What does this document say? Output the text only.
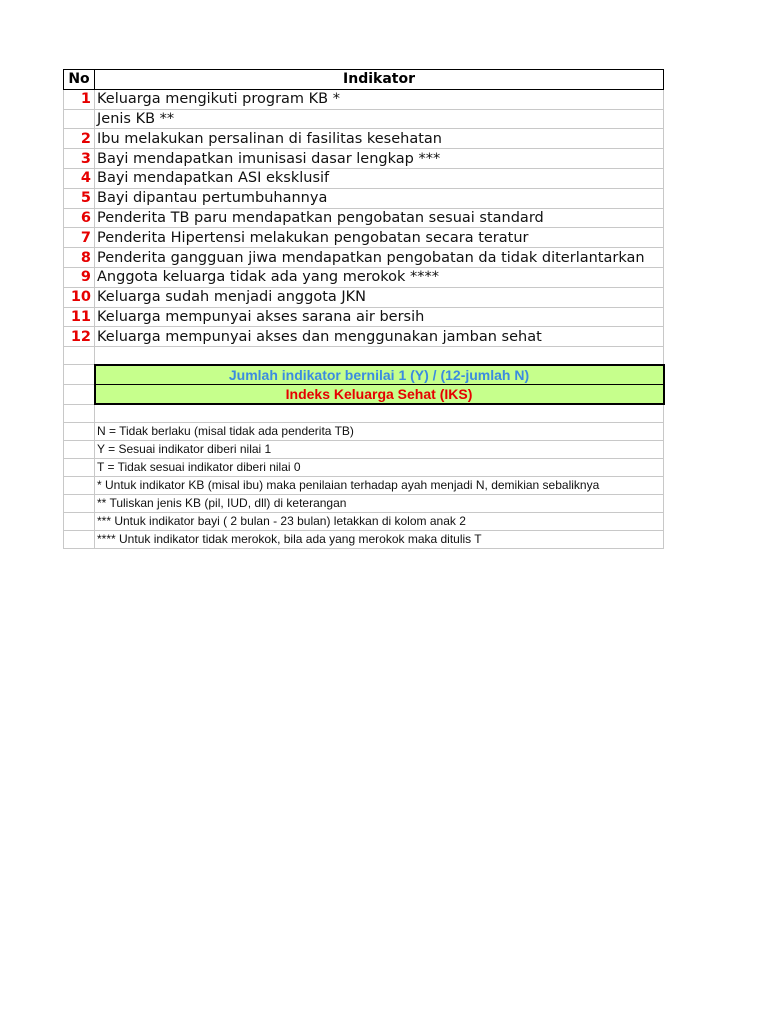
No	Indikator
1	Keluarga mengikuti program KB *
	Jenis KB **
2	Ibu melakukan persalinan di fasilitas kesehatan
3	Bayi mendapatkan imunisasi dasar lengkap ***
4	Bayi mendapatkan ASI eksklusif
5	Bayi dipantau pertumbuhannya
6	Penderita TB paru mendapatkan pengobatan sesuai standard
7	Penderita Hipertensi melakukan pengobatan secara teratur
8	Penderita gangguan jiwa mendapatkan pengobatan da tidak diterlantarkan
9	Anggota keluarga tidak ada yang merokok ****
10	Keluarga sudah menjadi anggota JKN
11	Keluarga mempunyai akses sarana air bersih
12	Keluarga mempunyai akses dan menggunakan jamban sehat

	Jumlah indikator bernilai 1 (Y) / (12-jumlah N)
	Indeks Keluarga Sehat (IKS)

	N = Tidak berlaku (misal tidak ada penderita TB)
	Y = Sesuai indikator diberi nilai 1
	T = Tidak sesuai indikator diberi nilai 0
	* Untuk indikator KB (misal ibu) maka penilaian terhadap ayah menjadi N, demikian sebaliknya
	** Tuliskan jenis KB (pil, IUD, dll) di keterangan
	*** Untuk indikator bayi ( 2 bulan - 23 bulan) letakkan di kolom anak 2
	**** Untuk indikator tidak merokok, bila ada yang merokok maka ditulis T
